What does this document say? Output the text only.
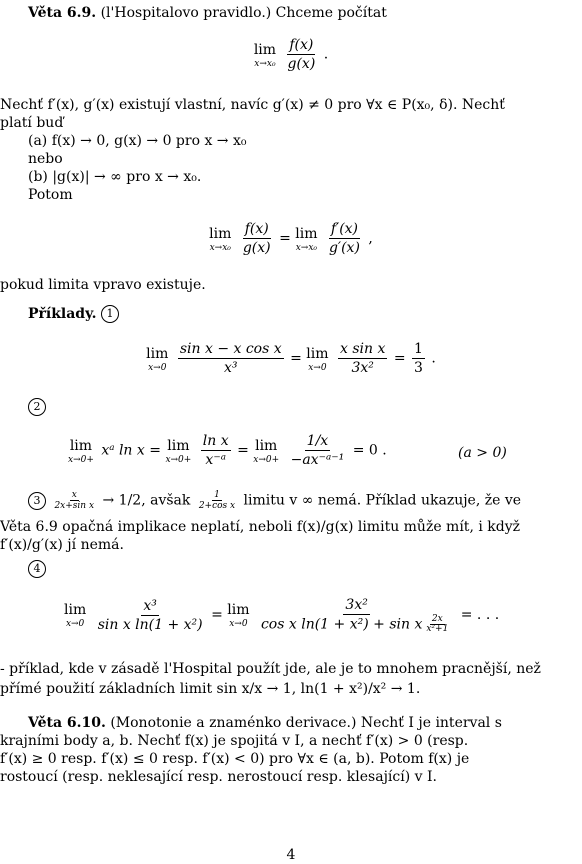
Věta 6.9. (l'Hospitalovo pravidlo.) Chceme počítat
lim
x→x₀
$\frac{f(x)}{g(x)}$ .
Nechť f′(x), g′(x) existují vlastní, navíc g′(x) ≠ 0 pro ∀x ∈ P(x₀, δ). Nechť
platí buď
(a) f(x) → 0, g(x) → 0 pro x → x₀
nebo
(b) |g(x)| → ∞ pro x → x₀.
Potom
lim
x→x₀
$\frac{f(x)}{g(x)} = \lim$
x→x₀
$\frac{f'(x)}{g'(x)}$ ,
pokud limita vpravo existuje.
Příklady. 1
lim
x→0
$\frac{\text{sin x − x cos x}}{\text{x³}} = \lim$
x→0
$\frac{\text{x sin x}}{\text{3x²}} = \frac{1}{3}$ .
2
lim
x→0+
xᵃ ln x = lim
x→0+
$\frac{\text{ln x}}{\text{x⁻ᵃ}} = \lim$
x→0+
$\frac{1/x}{\text{−ax⁻ᵃ⁻¹}} = 0$ .	(a > 0)
$3 \frac{x}{\text{2x+sin x}} \to 1/2$, avšak $\frac{1}{\text{2+cos x}}$ limitu v ∞ nemá. Příklad ukazuje, že ve
Věta 6.9 opačná implikace neplatí, neboli f(x)/g(x) limitu může mít, i když
f′(x)/g′(x) jí nemá.
4
lim
x→0
$\frac{\text{x³}}{\text{sin x ln(1 + x²)}} = \lim$
x→0
$\frac{\text{3x²}}{\cos x \ln(1 + x^2) + \sin x \frac{2x}{\text{x²+1}}}$ = . . .
- příklad, kde v zásadě l'Hospital použít jde, ale je to mnohem pracnější, než
přímé použití základních limit sin x/x → 1, ln(1 + x²)/x² → 1.
Věta 6.10. (Monotonie a znaménko derivace.) Nechť I je interval s
krajními body a, b. Nechť f(x) je spojitá v I, a nechť f′(x) > 0 (resp.
f′(x) ≥ 0 resp. f′(x) ≤ 0 resp. f′(x) < 0) pro ∀x ∈ (a, b). Potom f(x) je
rostoucí (resp. neklesající resp. nerostoucí resp. klesající) v I.
4
